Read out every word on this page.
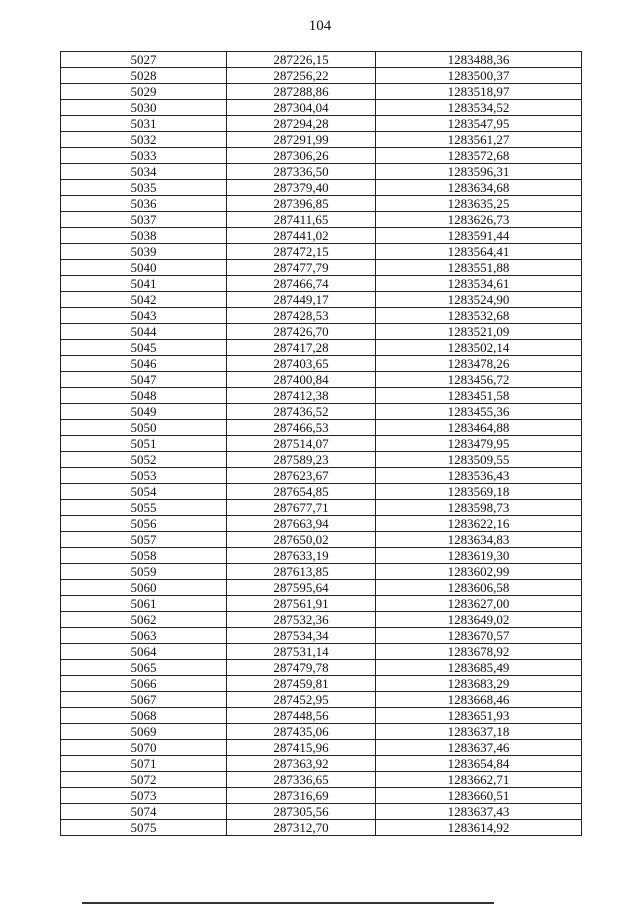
104
5027	287226,15	1283488,36
5028	287256,22	1283500,37
5029	287288,86	1283518,97
5030	287304,04	1283534,52
5031	287294,28	1283547,95
5032	287291,99	1283561,27
5033	287306,26	1283572,68
5034	287336,50	1283596,31
5035	287379,40	1283634,68
5036	287396,85	1283635,25
5037	287411,65	1283626,73
5038	287441,02	1283591,44
5039	287472,15	1283564,41
5040	287477,79	1283551,88
5041	287466,74	1283534,61
5042	287449,17	1283524,90
5043	287428,53	1283532,68
5044	287426,70	1283521,09
5045	287417,28	1283502,14
5046	287403,65	1283478,26
5047	287400,84	1283456,72
5048	287412,38	1283451,58
5049	287436,52	1283455,36
5050	287466,53	1283464,88
5051	287514,07	1283479,95
5052	287589,23	1283509,55
5053	287623,67	1283536,43
5054	287654,85	1283569,18
5055	287677,71	1283598,73
5056	287663,94	1283622,16
5057	287650,02	1283634,83
5058	287633,19	1283619,30
5059	287613,85	1283602,99
5060	287595,64	1283606,58
5061	287561,91	1283627,00
5062	287532,36	1283649,02
5063	287534,34	1283670,57
5064	287531,14	1283678,92
5065	287479,78	1283685,49
5066	287459,81	1283683,29
5067	287452,95	1283668,46
5068	287448,56	1283651,93
5069	287435,06	1283637,18
5070	287415,96	1283637,46
5071	287363,92	1283654,84
5072	287336,65	1283662,71
5073	287316,69	1283660,51
5074	287305,56	1283637,43
5075	287312,70	1283614,92
